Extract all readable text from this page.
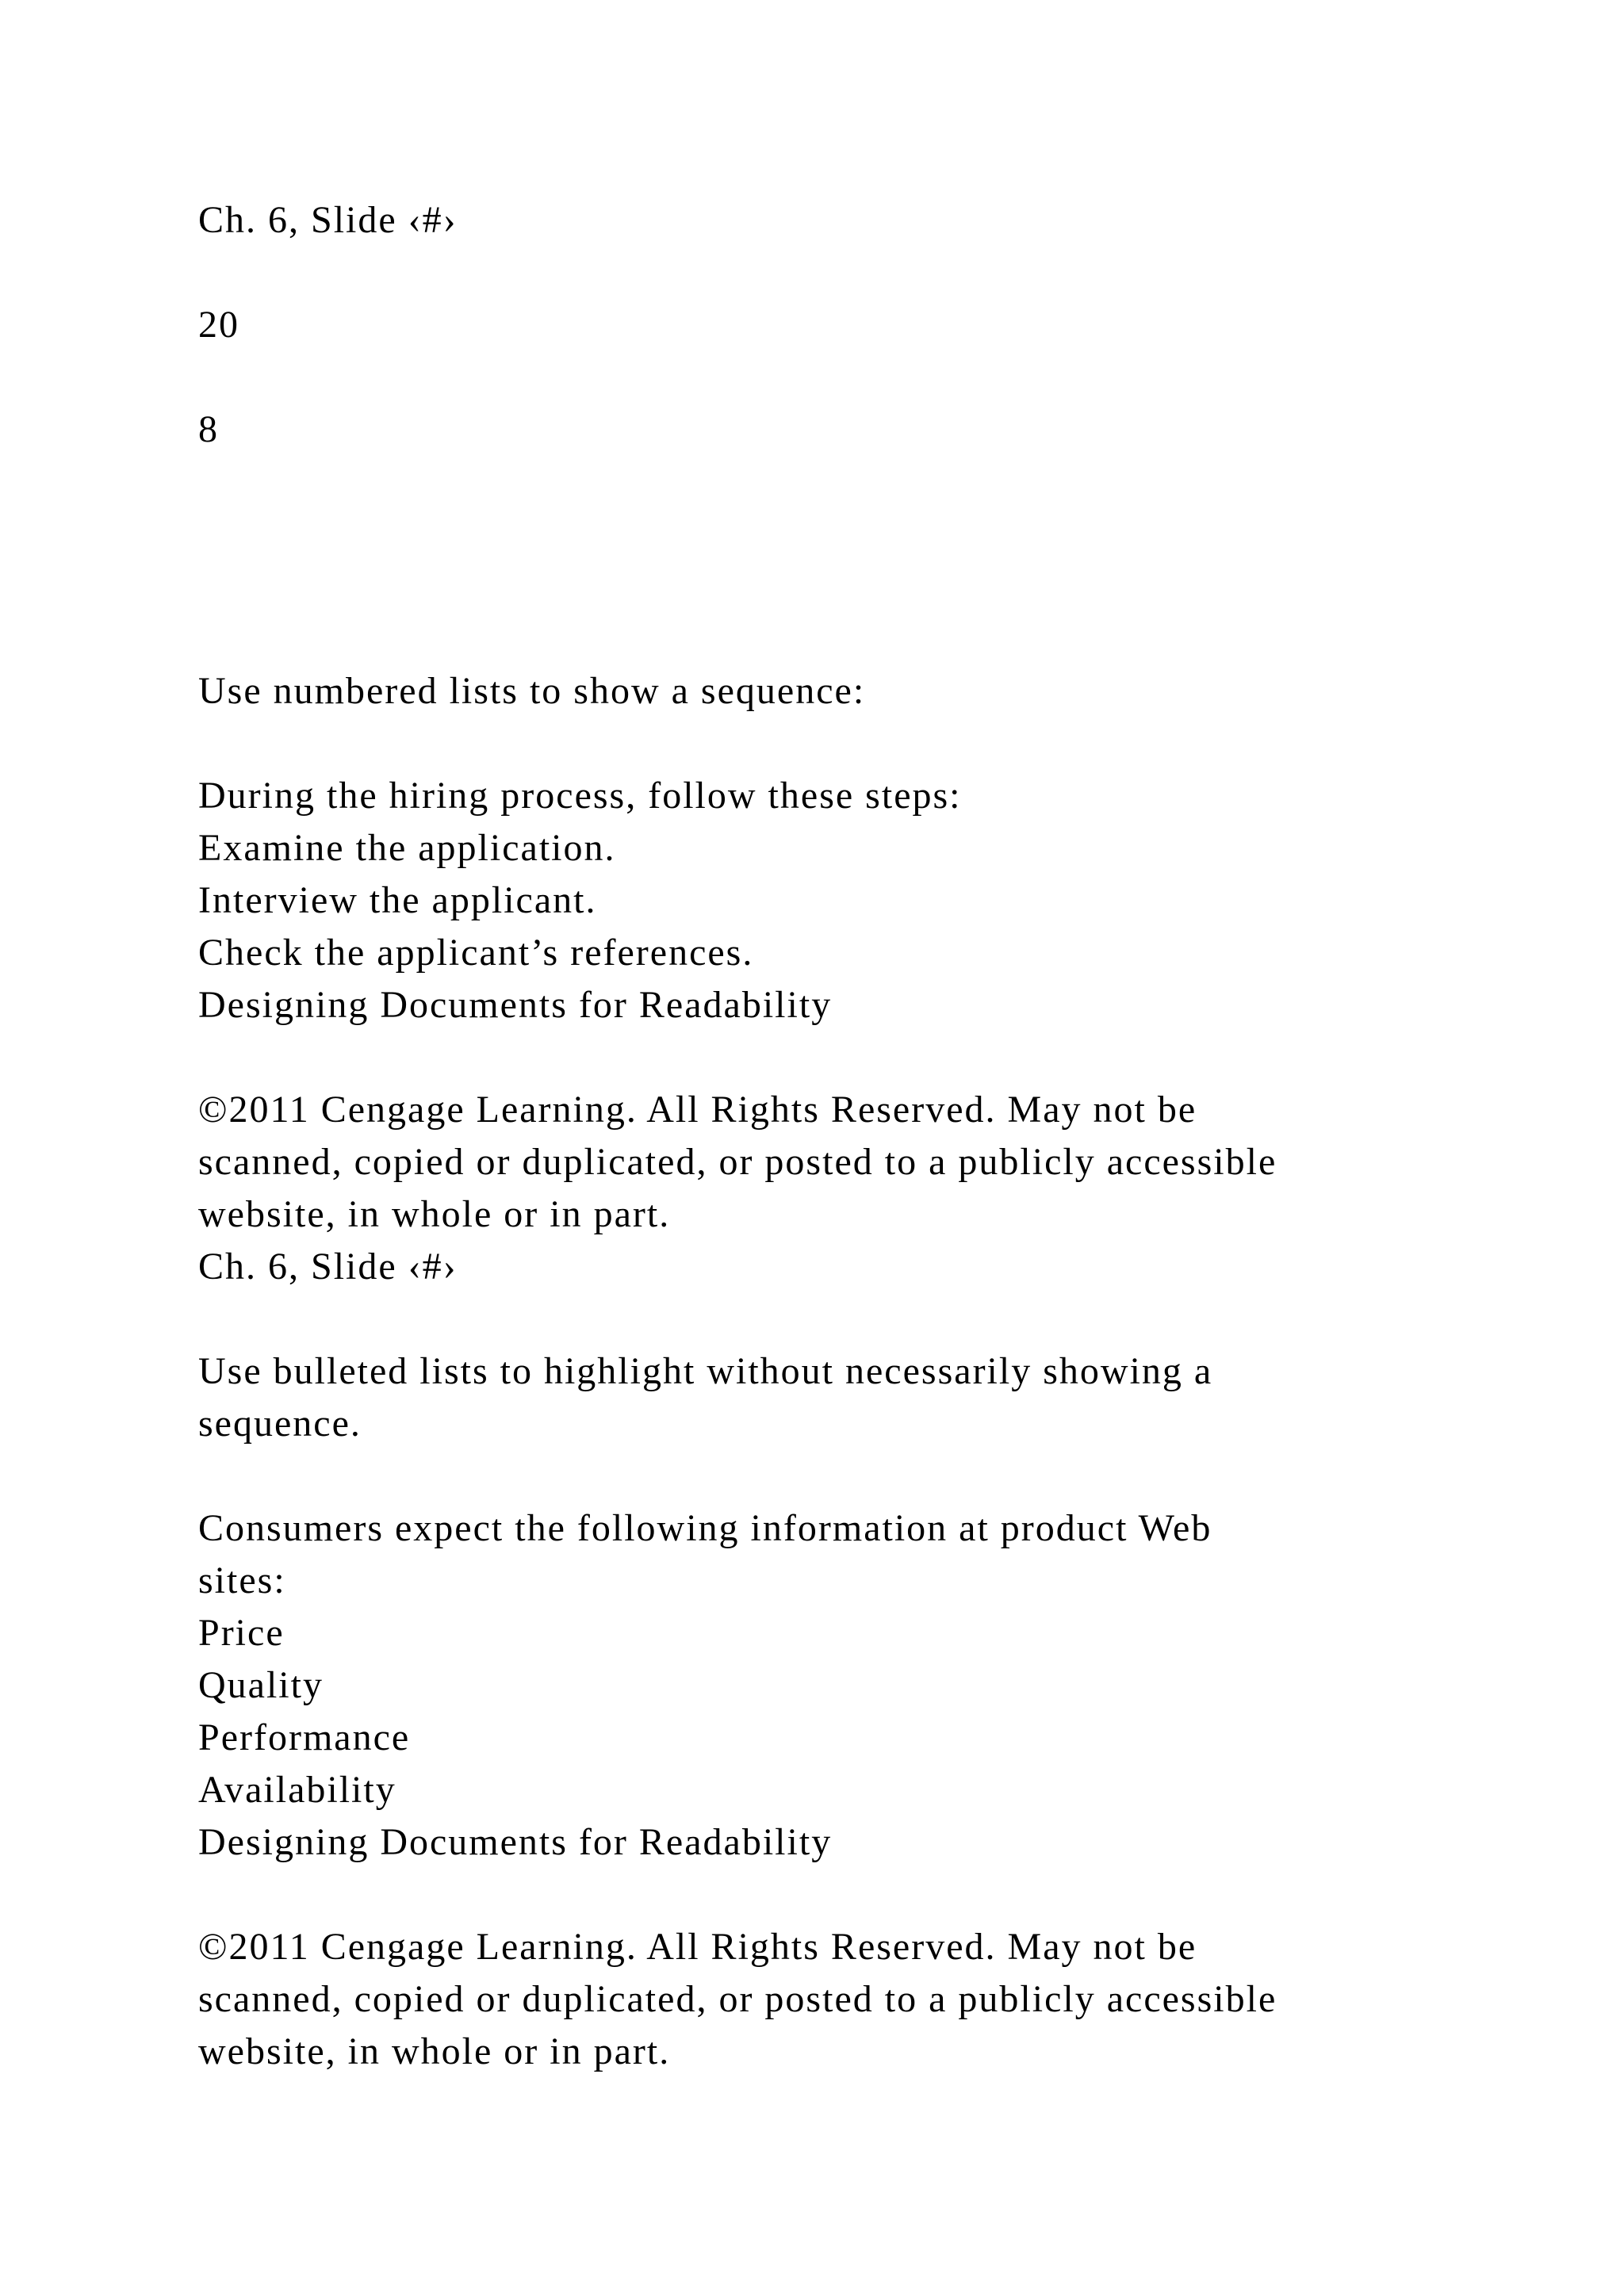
Ch. 6, Slide ‹#›
20
8
Use numbered lists to show a sequence:
During the hiring process, follow these steps:
Examine the application.
Interview the applicant.
Check the applicant’s references.
Designing Documents for Readability
©2011 Cengage Learning. All Rights Reserved. May not be
scanned, copied or duplicated, or posted to a publicly accessible
website, in whole or in part.
Ch. 6, Slide ‹#›
Use bulleted lists to highlight without necessarily showing a
sequence.
Consumers expect the following information at product Web
sites:
Price
Quality
Performance
Availability
Designing Documents for Readability
©2011 Cengage Learning. All Rights Reserved. May not be
scanned, copied or duplicated, or posted to a publicly accessible
website, in whole or in part.
